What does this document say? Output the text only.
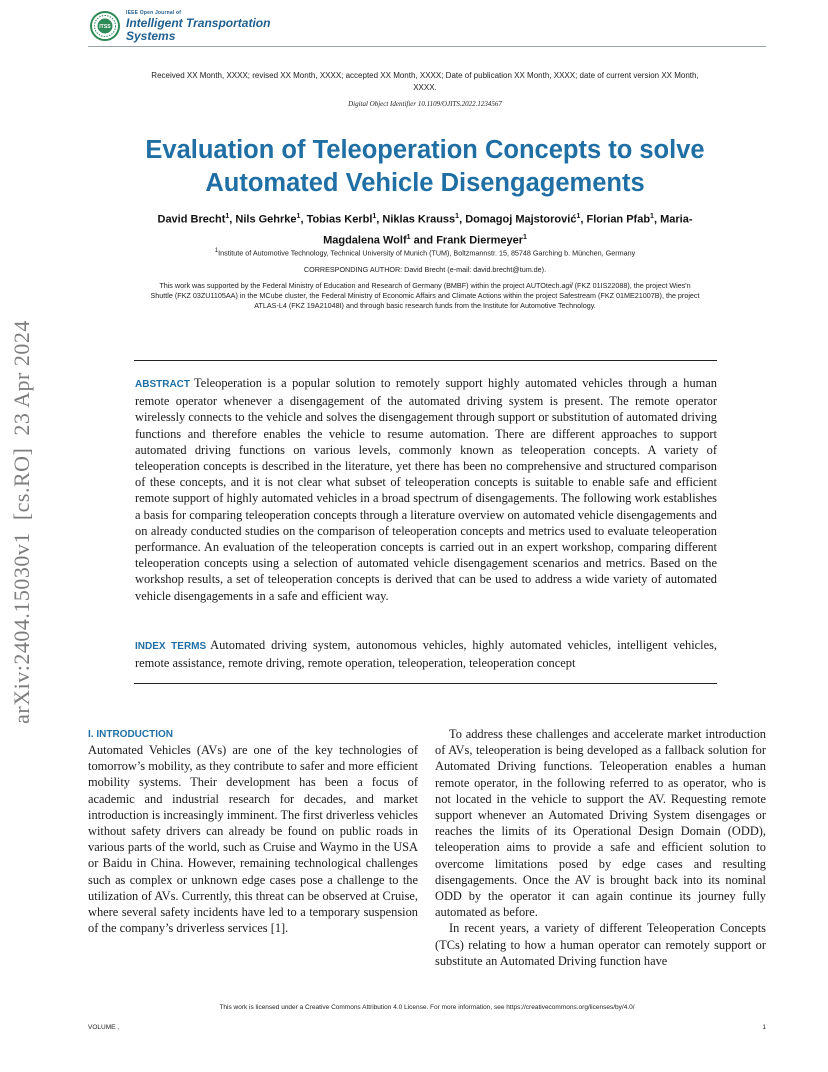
ITSS
IEEE Open Journal of
Intelligent Transportation
Systems
Received XX Month, XXXX; revised XX Month, XXXX; accepted XX Month, XXXX; Date of publication XX Month, XXXX; date of current version XX Month, XXXX.
Digital Object Identifier 10.1109/OJITS.2022.1234567
Evaluation of Teleoperation Concepts to solve Automated Vehicle Disengagements
David Brecht$^1$, Nils Gehrke$^1$, Tobias Kerbl$^1$, Niklas Krauss$^1$, Domagoj Majstorović$^1$, Florian Pfab$^1$, Maria-Magdalena Wolf$^1$ and Frank Diermeyer$^1$
$^1$Institute of Automotive Technology, Technical University of Munich (TUM), Boltzmannstr. 15, 85748 Garching b. München, Germany
CORRESPONDING AUTHOR: David Brecht (e-mail: david.brecht@tum.de).
This work was supported by the Federal Ministry of Education and Research of Germany (BMBF) within the project AUTOtech.agil (FKZ 01IS22088), the project Wies'n Shuttle (FKZ 03ZU1105AA) in the MCube cluster, the Federal Ministry of Economic Affairs and Climate Actions within the project Safestream (FKZ 01ME21007B), the project ATLAS-L4 (FKZ 19A21048I) and through basic research funds from the Institute for Automotive Technology.
ABSTRACT Teleoperation is a popular solution to remotely support highly automated vehicles through a human remote operator whenever a disengagement of the automated driving system is present. The remote operator wirelessly connects to the vehicle and solves the disengagement through support or substitution of automated driving functions and therefore enables the vehicle to resume automation. There are different approaches to support automated driving functions on various levels, commonly known as teleoperation concepts. A variety of teleoperation concepts is described in the literature, yet there has been no comprehensive and structured comparison of these concepts, and it is not clear what subset of teleoperation concepts is suitable to enable safe and efficient remote support of highly automated vehicles in a broad spectrum of disengagements. The following work establishes a basis for comparing teleoperation concepts through a literature overview on automated vehicle disengagements and on already conducted studies on the comparison of teleoperation concepts and metrics used to evaluate teleoperation performance. An evaluation of the teleoperation concepts is carried out in an expert workshop, comparing different teleoperation concepts using a selection of automated vehicle disengagement scenarios and metrics. Based on the workshop results, a set of teleoperation concepts is derived that can be used to address a wide variety of automated vehicle disengagements in a safe and efficient way.
INDEX TERMS Automated driving system, autonomous vehicles, highly automated vehicles, intelligent vehicles, remote assistance, remote driving, remote operation, teleoperation, teleoperation concept
arXiv:2404.15030v1  [cs.RO]  23 Apr 2024
I. INTRODUCTION

Automated Vehicles (AVs) are one of the key technologies of tomorrow’s mobility, as they contribute to safer and more efficient mobility systems. Their development has been a focus of academic and industrial research for decades, and market introduction is increasingly imminent. The first driverless vehicles without safety drivers can already be found on public roads in various parts of the world, such as Cruise and Waymo in the USA or Baidu in China. However, remaining technological challenges such as complex or unknown edge cases pose a challenge to the utilization of AVs. Currently, this threat can be observed at Cruise, where several safety incidents have led to a temporary suspension of the company’s driverless services [1].

To address these challenges and accelerate market introduction of AVs, teleoperation is being developed as a fallback solution for Automated Driving functions. Teleoperation enables a human remote operator, in the following referred to as operator, who is not located in the vehicle to support the AV. Requesting remote support whenever an Automated Driving System disengages or reaches the limits of its Operational Design Domain (ODD), teleoperation aims to provide a safe and efficient solution to overcome limitations posed by edge cases and resulting disengagements. Once the AV is brought back into its nominal ODD by the operator it can again continue its journey fully automated as before.

In recent years, a variety of different Teleoperation Concepts (TCs) relating to how a human operator can remotely support or substitute an Automated Driving function have

This work is licensed under a Creative Commons Attribution 4.0 License. For more information, see https://creativecommons.org/licenses/by/4.0/
VOLUME ,	1
